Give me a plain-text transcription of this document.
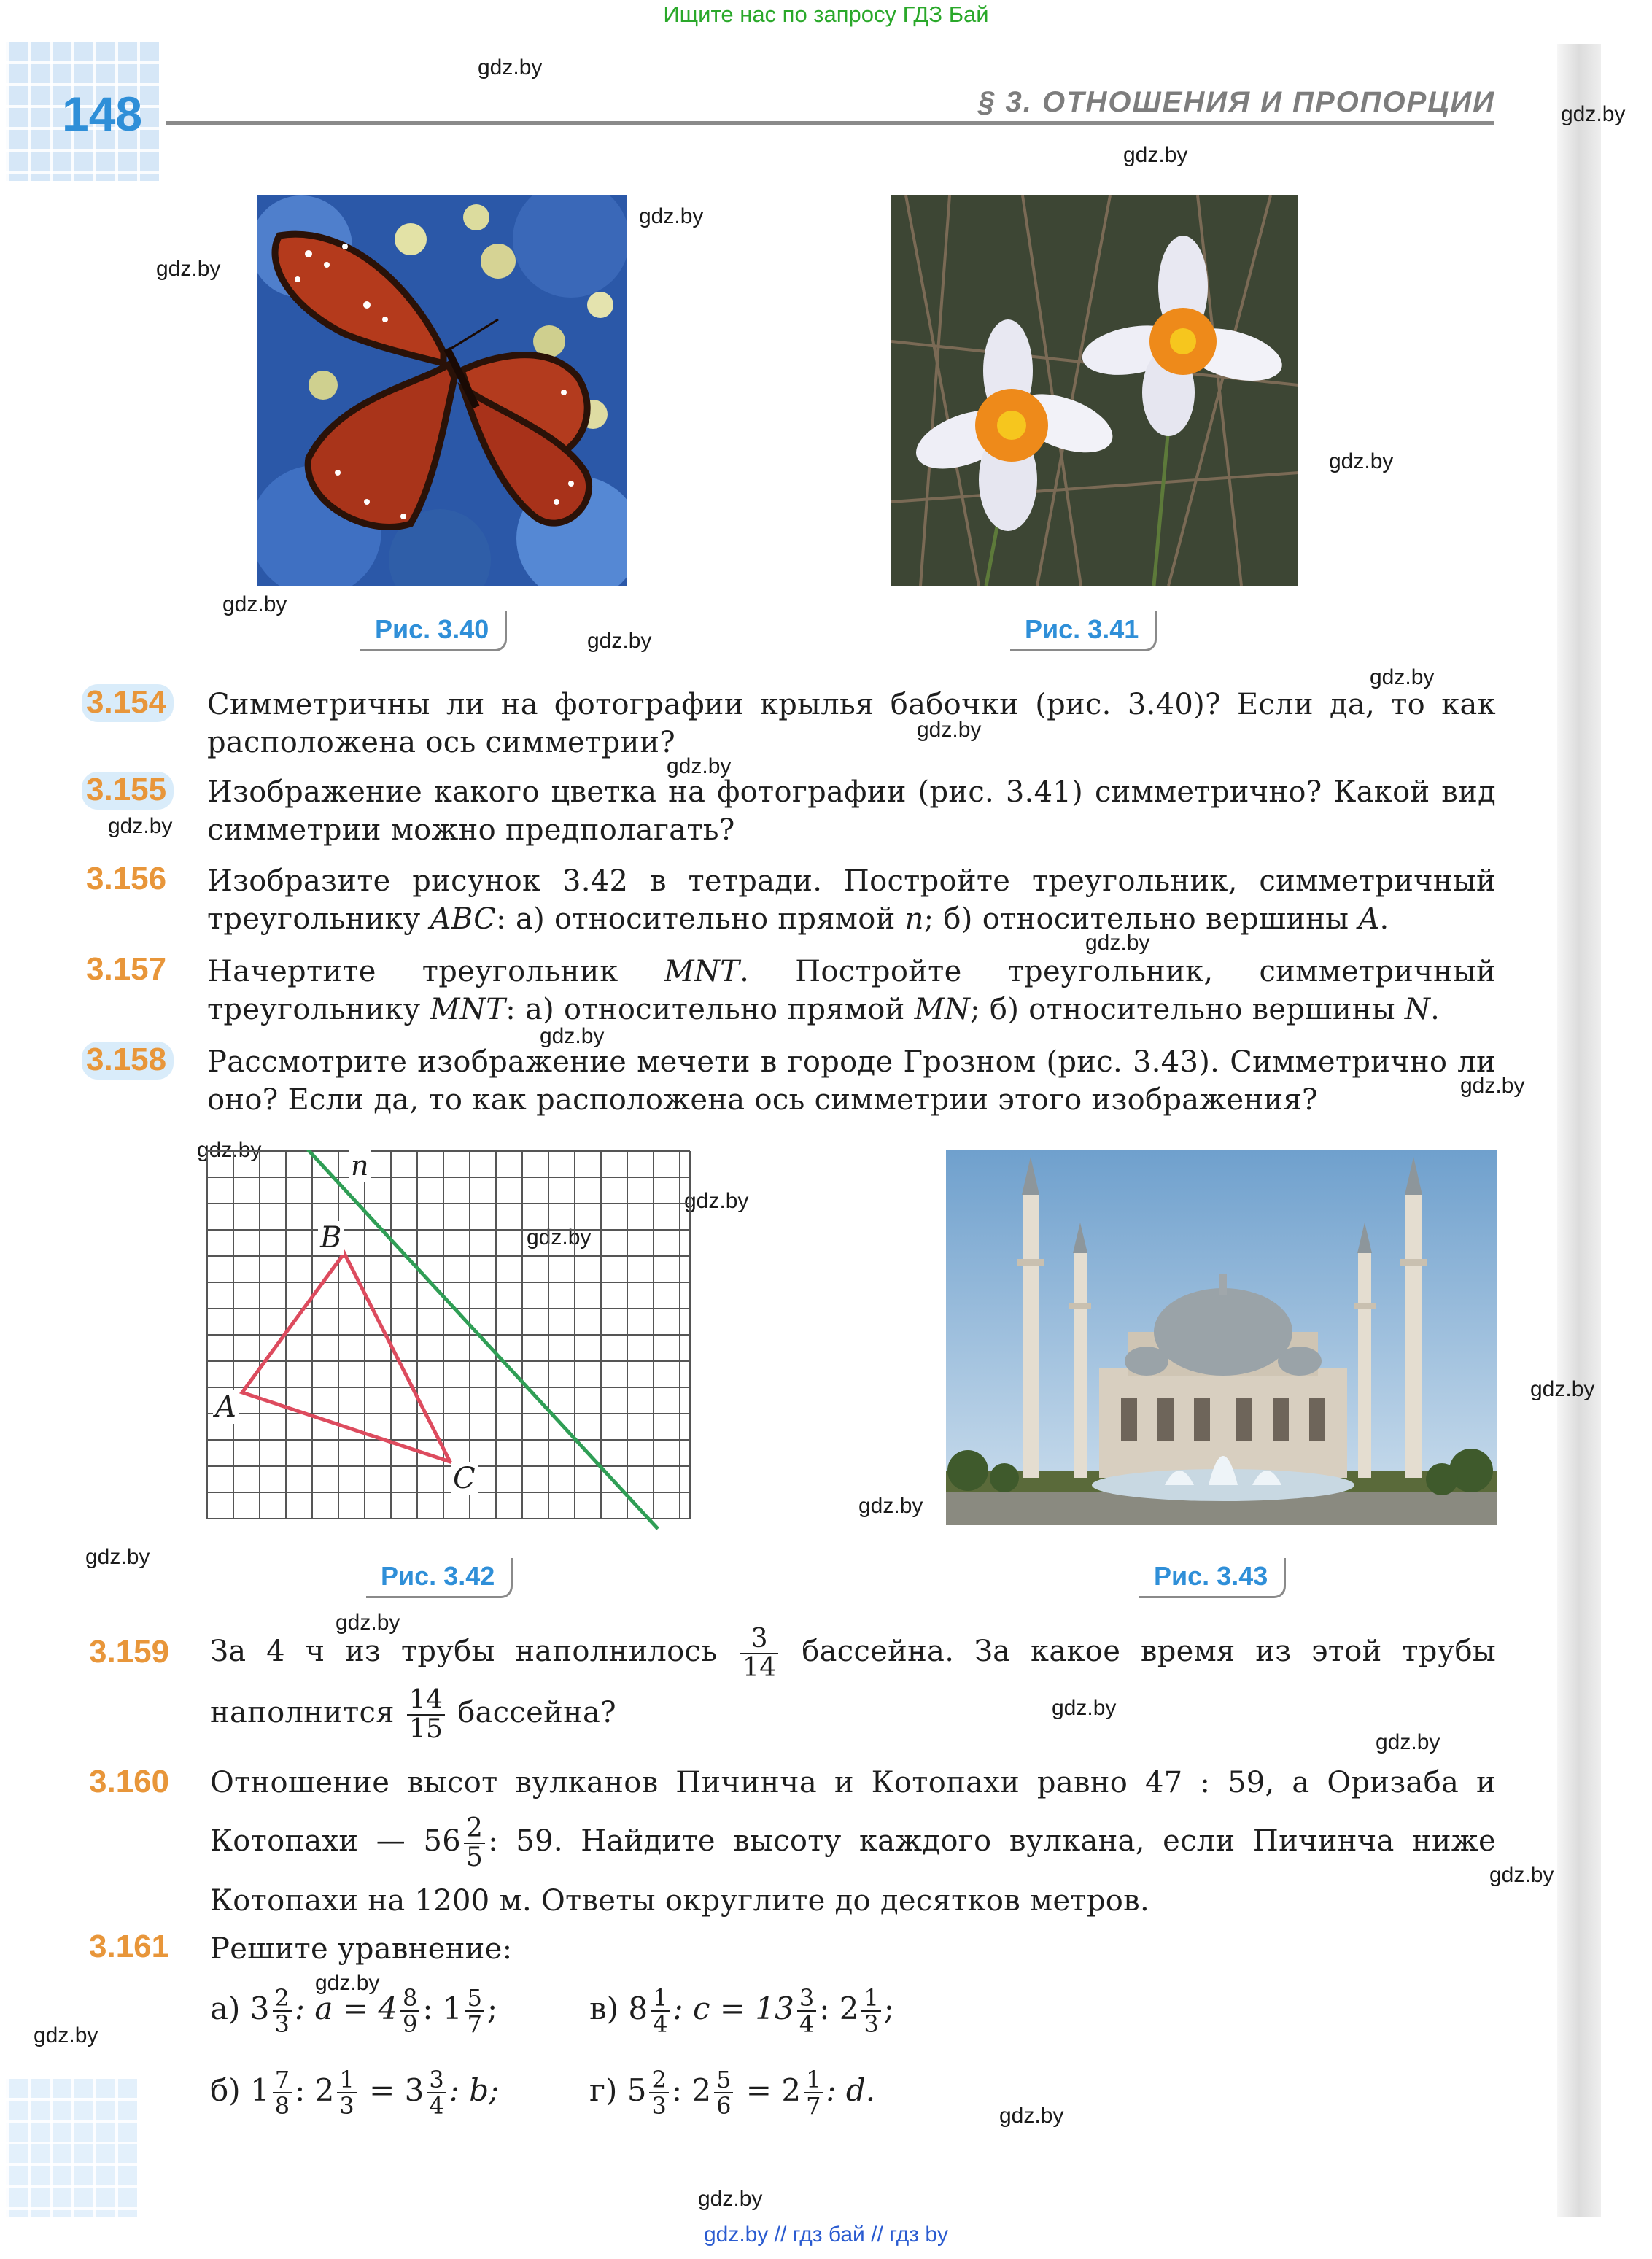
Ищите нас по запросу ГДЗ Бай
gdz.by // гдз бай // гдз by
148	§ 3. ОТНОШЕНИЯ И ПРОПОРЦИИ
gdz.by
gdz.by
gdz.by
gdz.by
gdz.by
gdz.by
gdz.by
gdz.by
gdz.by
gdz.by
gdz.by
gdz.by
gdz.by
gdz.by
gdz.by
gdz.by
gdz.by
gdz.by
gdz.by
gdz.by
gdz.by
gdz.by
gdz.by
gdz.by
gdz.by
gdz.by
gdz.by
gdz.by
gdz.by
Рис. 3.40	Рис. 3.41
3.154 Симметричны ли на фотографии крылья бабочки (рис. 3.40)? Если да, то как расположена ось симметрии?
3.155 Изображение какого цветка на фотографии (рис. 3.41) симметрично? Какой вид симметрии можно предполагать?
3.156 Изобразите рисунок 3.42 в тетради. Постройте треугольник, симметричный треугольнику ABC: а) относительно прямой n; б) относительно вершины A.
3.157 Начертите треугольник MNT. Постройте треугольник, симметричный треугольнику MNT: а) относительно прямой MN; б) относительно вершины N.
3.158 Рассмотрите изображение мечети в городе Грозном (рис. 3.43). Симметрично ли оно? Если да, то как расположена ось симметрии этого изображения?
n
B
A
C
Рис. 3.42	Рис. 3.43
3.159 За 4 ч из трубы наполнилось $\frac{3}{14}$ бассейна. За какое время из этой трубы наполнится $\frac{14}{15}$ бассейна?
3.160 Отношение высот вулканов Пичинча и Котопахи равно 47 : 59, а Оризаба и Котопахи — $56 \frac{2}{5}$ : 59. Найдите высоту каждого вулкана, если Пичинча ниже Котопахи на 1200 м. Ответы округлите до десятков метров.
3.161 Решите уравнение:
а) $3 \frac{2}{3}$ : $a = 4 \frac{8}{9}$ : $1 \frac{5}{7}$ ;	в) $8 \frac{1}{4}$ : $c = 13 \frac{3}{4}$ : $2 \frac{1}{3}$ ;
б) $1 \frac{7}{8}$ : $2 \frac{1}{3} = 3 \frac{3}{4}$ : b;	г) $5 \frac{2}{3}$ : $2 \frac{5}{6} = 2 \frac{1}{7}$ : d.
